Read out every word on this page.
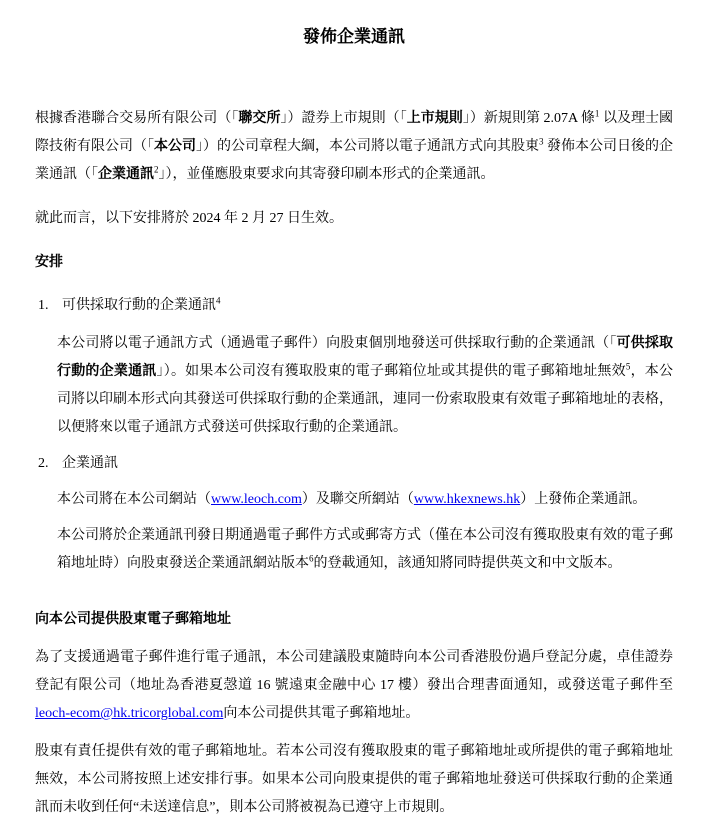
發佈企業通訊

根據香港聯合交易所有限公司（「聯交所」）證券上市規則（「上市規則」）新規則第 2.07A 條$^1$ 以及理士國際技術有限公司（「本公司」）的公司章程大綱，本公司將以電子通訊方式向其股東$^3$ 發佈本公司日後的企業通訊（「企業通訊$^2$」），並僅應股東要求向其寄發印刷本形式的企業通訊。

就此而言，以下安排將於 2024 年 2 月 27 日生效。

安排

1. 可供採取行動的企業通訊$^4$

本公司將以電子通訊方式（通過電子郵件）向股東個別地發送可供採取行動的企業通訊（「可供採取行動的企業通訊」）。如果本公司沒有獲取股東的電子郵箱位址或其提供的電子郵箱地址無效$^5$，本公司將以印刷本形式向其發送可供採取行動的企業通訊，連同一份索取股東有效電子郵箱地址的表格，以便將來以電子通訊方式發送可供採取行動的企業通訊。

2. 企業通訊

本公司將在本公司網站（www.leoch.com）及聯交所網站（www.hkexnews.hk）上發佈企業通訊。

本公司將於企業通訊刊發日期通過電子郵件方式或郵寄方式（僅在本公司沒有獲取股東有效的電子郵箱地址時）向股東發送企業通訊網站版本$^6$的登載通知，該通知將同時提供英文和中文版本。

向本公司提供股東電子郵箱地址

為了支援通過電子郵件進行電子通訊，本公司建議股東隨時向本公司香港股份過戶登記分處，卓佳證券登記有限公司（地址為香港夏愨道 16 號遠東金融中心 17 樓）發出合理書面通知，或發送電子郵件至 leoch-ecom@hk.tricorglobal.com向本公司提供其電子郵箱地址。

股東有責任提供有效的電子郵箱地址。若本公司沒有獲取股東的電子郵箱地址或所提供的電子郵箱地址無效，本公司將按照上述安排行事。如果本公司向股東提供的電子郵箱地址發送可供採取行動的企業通訊而未收到任何“未送達信息”，則本公司將被視為已遵守上市規則。
